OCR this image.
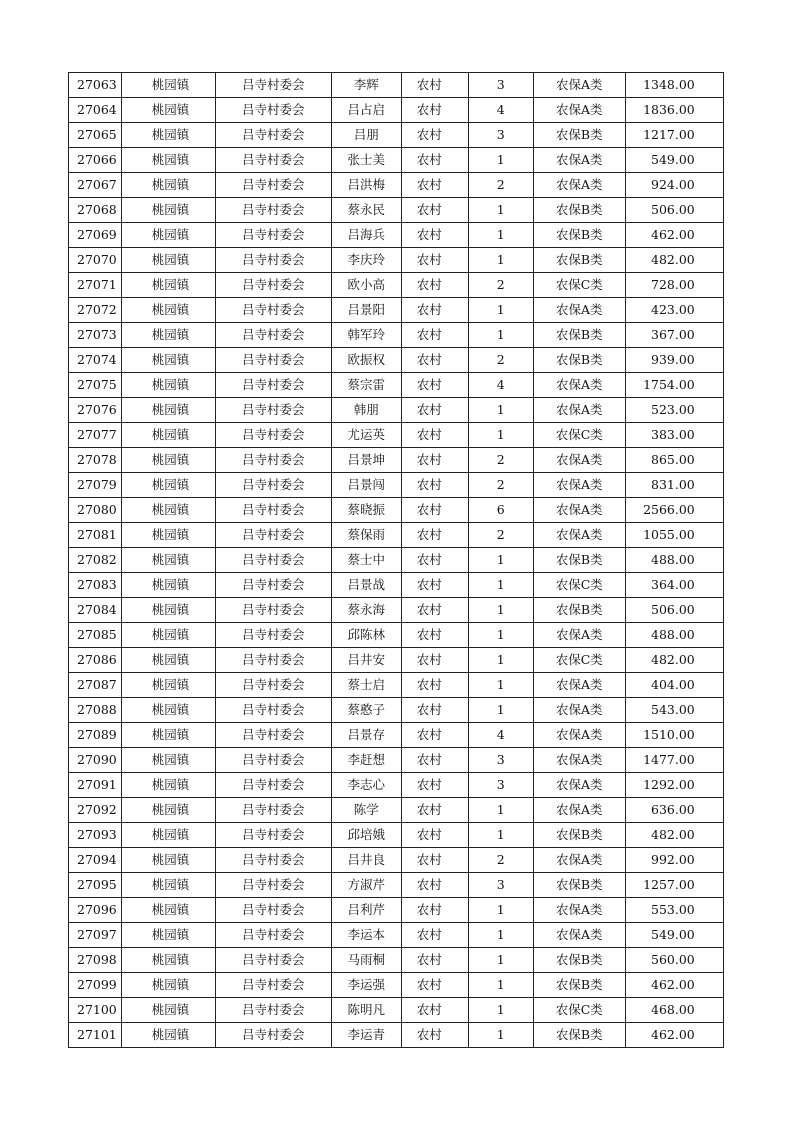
27063	桃园镇	吕寺村委会	李辉	农村	3	农保A类	1348.00
27064	桃园镇	吕寺村委会	吕占启	农村	4	农保A类	1836.00
27065	桃园镇	吕寺村委会	吕朋	农村	3	农保B类	1217.00
27066	桃园镇	吕寺村委会	张士美	农村	1	农保A类	549.00
27067	桃园镇	吕寺村委会	吕洪梅	农村	2	农保A类	924.00
27068	桃园镇	吕寺村委会	蔡永民	农村	1	农保B类	506.00
27069	桃园镇	吕寺村委会	吕海兵	农村	1	农保B类	462.00
27070	桃园镇	吕寺村委会	李庆玲	农村	1	农保B类	482.00
27071	桃园镇	吕寺村委会	欧小高	农村	2	农保C类	728.00
27072	桃园镇	吕寺村委会	吕景阳	农村	1	农保A类	423.00
27073	桃园镇	吕寺村委会	韩军玲	农村	1	农保B类	367.00
27074	桃园镇	吕寺村委会	欧振权	农村	2	农保B类	939.00
27075	桃园镇	吕寺村委会	蔡宗雷	农村	4	农保A类	1754.00
27076	桃园镇	吕寺村委会	韩朋	农村	1	农保A类	523.00
27077	桃园镇	吕寺村委会	尤运英	农村	1	农保C类	383.00
27078	桃园镇	吕寺村委会	吕景坤	农村	2	农保A类	865.00
27079	桃园镇	吕寺村委会	吕景闯	农村	2	农保A类	831.00
27080	桃园镇	吕寺村委会	蔡晓振	农村	6	农保A类	2566.00
27081	桃园镇	吕寺村委会	蔡保雨	农村	2	农保A类	1055.00
27082	桃园镇	吕寺村委会	蔡士中	农村	1	农保B类	488.00
27083	桃园镇	吕寺村委会	吕景战	农村	1	农保C类	364.00
27084	桃园镇	吕寺村委会	蔡永海	农村	1	农保B类	506.00
27085	桃园镇	吕寺村委会	邱陈林	农村	1	农保A类	488.00
27086	桃园镇	吕寺村委会	吕井安	农村	1	农保C类	482.00
27087	桃园镇	吕寺村委会	蔡士启	农村	1	农保A类	404.00
27088	桃园镇	吕寺村委会	蔡憨子	农村	1	农保A类	543.00
27089	桃园镇	吕寺村委会	吕景存	农村	4	农保A类	1510.00
27090	桃园镇	吕寺村委会	李赶想	农村	3	农保A类	1477.00
27091	桃园镇	吕寺村委会	李志心	农村	3	农保A类	1292.00
27092	桃园镇	吕寺村委会	陈学	农村	1	农保A类	636.00
27093	桃园镇	吕寺村委会	邱培娥	农村	1	农保B类	482.00
27094	桃园镇	吕寺村委会	吕井良	农村	2	农保A类	992.00
27095	桃园镇	吕寺村委会	方淑芹	农村	3	农保B类	1257.00
27096	桃园镇	吕寺村委会	吕利芹	农村	1	农保A类	553.00
27097	桃园镇	吕寺村委会	李运本	农村	1	农保A类	549.00
27098	桃园镇	吕寺村委会	马雨桐	农村	1	农保B类	560.00
27099	桃园镇	吕寺村委会	李运强	农村	1	农保B类	462.00
27100	桃园镇	吕寺村委会	陈明凡	农村	1	农保C类	468.00
27101	桃园镇	吕寺村委会	李运青	农村	1	农保B类	462.00
